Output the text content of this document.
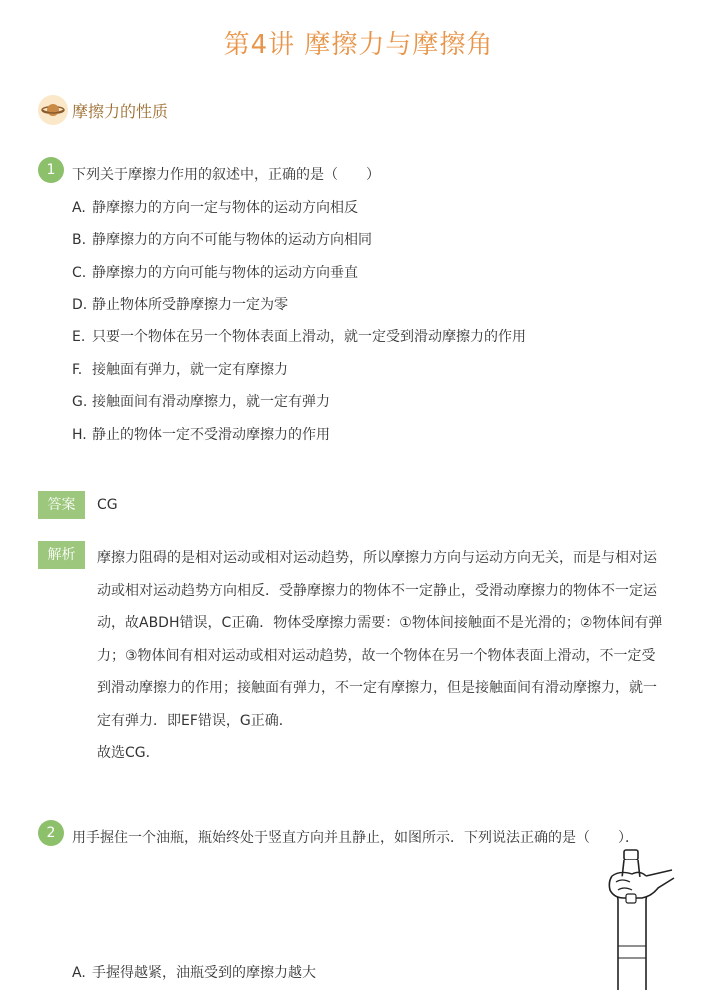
第4讲 摩擦力与摩擦角
摩擦力的性质
1	下列关于摩擦力作用的叙述中，正确的是（　　）
A. 静摩擦力的方向一定与物体的运动方向相反
B. 静摩擦力的方向不可能与物体的运动方向相同
C. 静摩擦力的方向可能与物体的运动方向垂直
D. 静止物体所受静摩擦力一定为零
E. 只要一个物体在另一个物体表面上滑动，就一定受到滑动摩擦力的作用
F. 接触面有弹力，就一定有摩擦力
G. 接触面间有滑动摩擦力，就一定有弹力
H. 静止的物体一定不受滑动摩擦力的作用
答案	CG
解析	摩擦力阻碍的是相对运动或相对运动趋势，所以摩擦力方向与运动方向无关，而是与相对运
动或相对运动趋势方向相反．受静摩擦力的物体不一定静止，受滑动摩擦力的物体不一定运
动，故ABDH错误，C正确．物体受摩擦力需要：①物体间接触面不是光滑的；②物体间有弹
力；③物体间有相对运动或相对运动趋势，故一个物体在另一个物体表面上滑动，不一定受
到滑动摩擦力的作用；接触面有弹力，不一定有摩擦力，但是接触面间有滑动摩擦力，就一
定有弹力．即EF错误，G正确．
故选CG．
2	用手握住一个油瓶，瓶始终处于竖直方向并且静止，如图所示．下列说法正确的是（　　）．
A. 手握得越紧，油瓶受到的摩擦力越大
